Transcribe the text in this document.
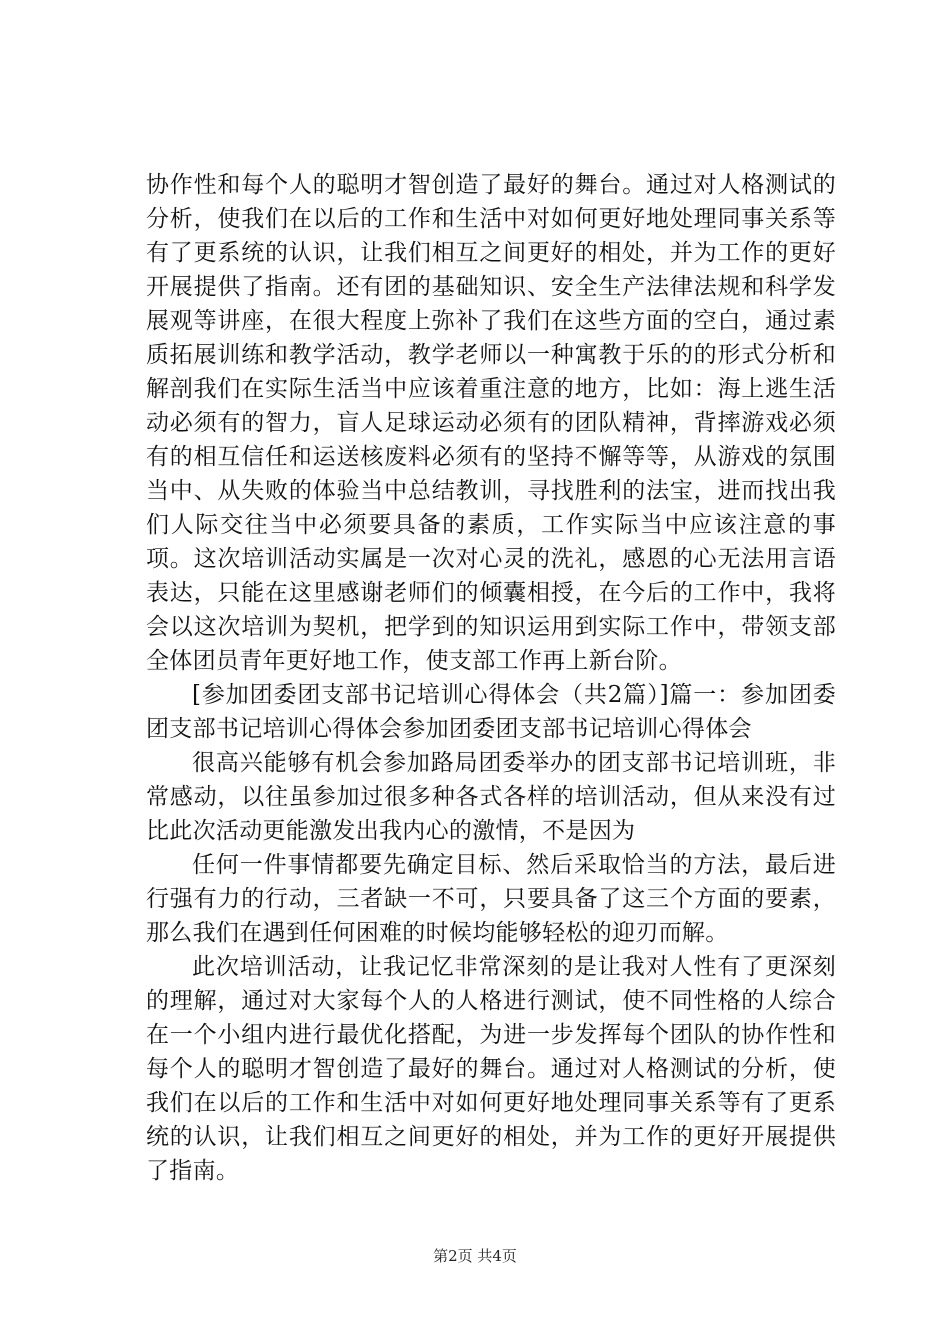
协作性和每个人的聪明才智创造了最好的舞台。通过对人格测试的分析，使我们在以后的工作和生活中对如何更好地处理同事关系等有了更系统的认识，让我们相互之间更好的相处，并为工作的更好开展提供了指南。还有团的基础知识、安全生产法律法规和科学发展观等讲座，在很大程度上弥补了我们在这些方面的空白，通过素质拓展训练和教学活动，教学老师以一种寓教于乐的的形式分析和解剖我们在实际生活当中应该着重注意的地方，比如：海上逃生活动必须有的智力，盲人足球运动必须有的团队精神，背摔游戏必须有的相互信任和运送核废料必须有的坚持不懈等等，从游戏的氛围当中、从失败的体验当中总结教训，寻找胜利的法宝，进而找出我们人际交往当中必须要具备的素质，工作实际当中应该注意的事项。这次培训活动实属是一次对心灵的洗礼，感恩的心无法用言语表达，只能在这里感谢老师们的倾囊相授，在今后的工作中，我将会以这次培训为契机，把学到的知识运用到实际工作中，带领支部全体团员青年更好地工作，使支部工作再上新台阶。

[参加团委团支部书记培训心得体会（共2篇）]篇一：参加团委团支部书记培训心得体会参加团委团支部书记培训心得体会

很高兴能够有机会参加路局团委举办的团支部书记培训班，非常感动，以往虽参加过很多种各式各样的培训活动，但从来没有过比此次活动更能激发出我内心的激情，不是因为

任何一件事情都要先确定目标、然后采取恰当的方法，最后进行强有力的行动，三者缺一不可，只要具备了这三个方面的要素，那么我们在遇到任何困难的时候均能够轻松的迎刃而解。

此次培训活动，让我记忆非常深刻的是让我对人性有了更深刻的理解，通过对大家每个人的人格进行测试，使不同性格的人综合在一个小组内进行最优化搭配，为进一步发挥每个团队的协作性和每个人的聪明才智创造了最好的舞台。通过对人格测试的分析，使我们在以后的工作和生活中对如何更好地处理同事关系等有了更系统的认识，让我们相互之间更好的相处，并为工作的更好开展提供了指南。

第2页 共4页
